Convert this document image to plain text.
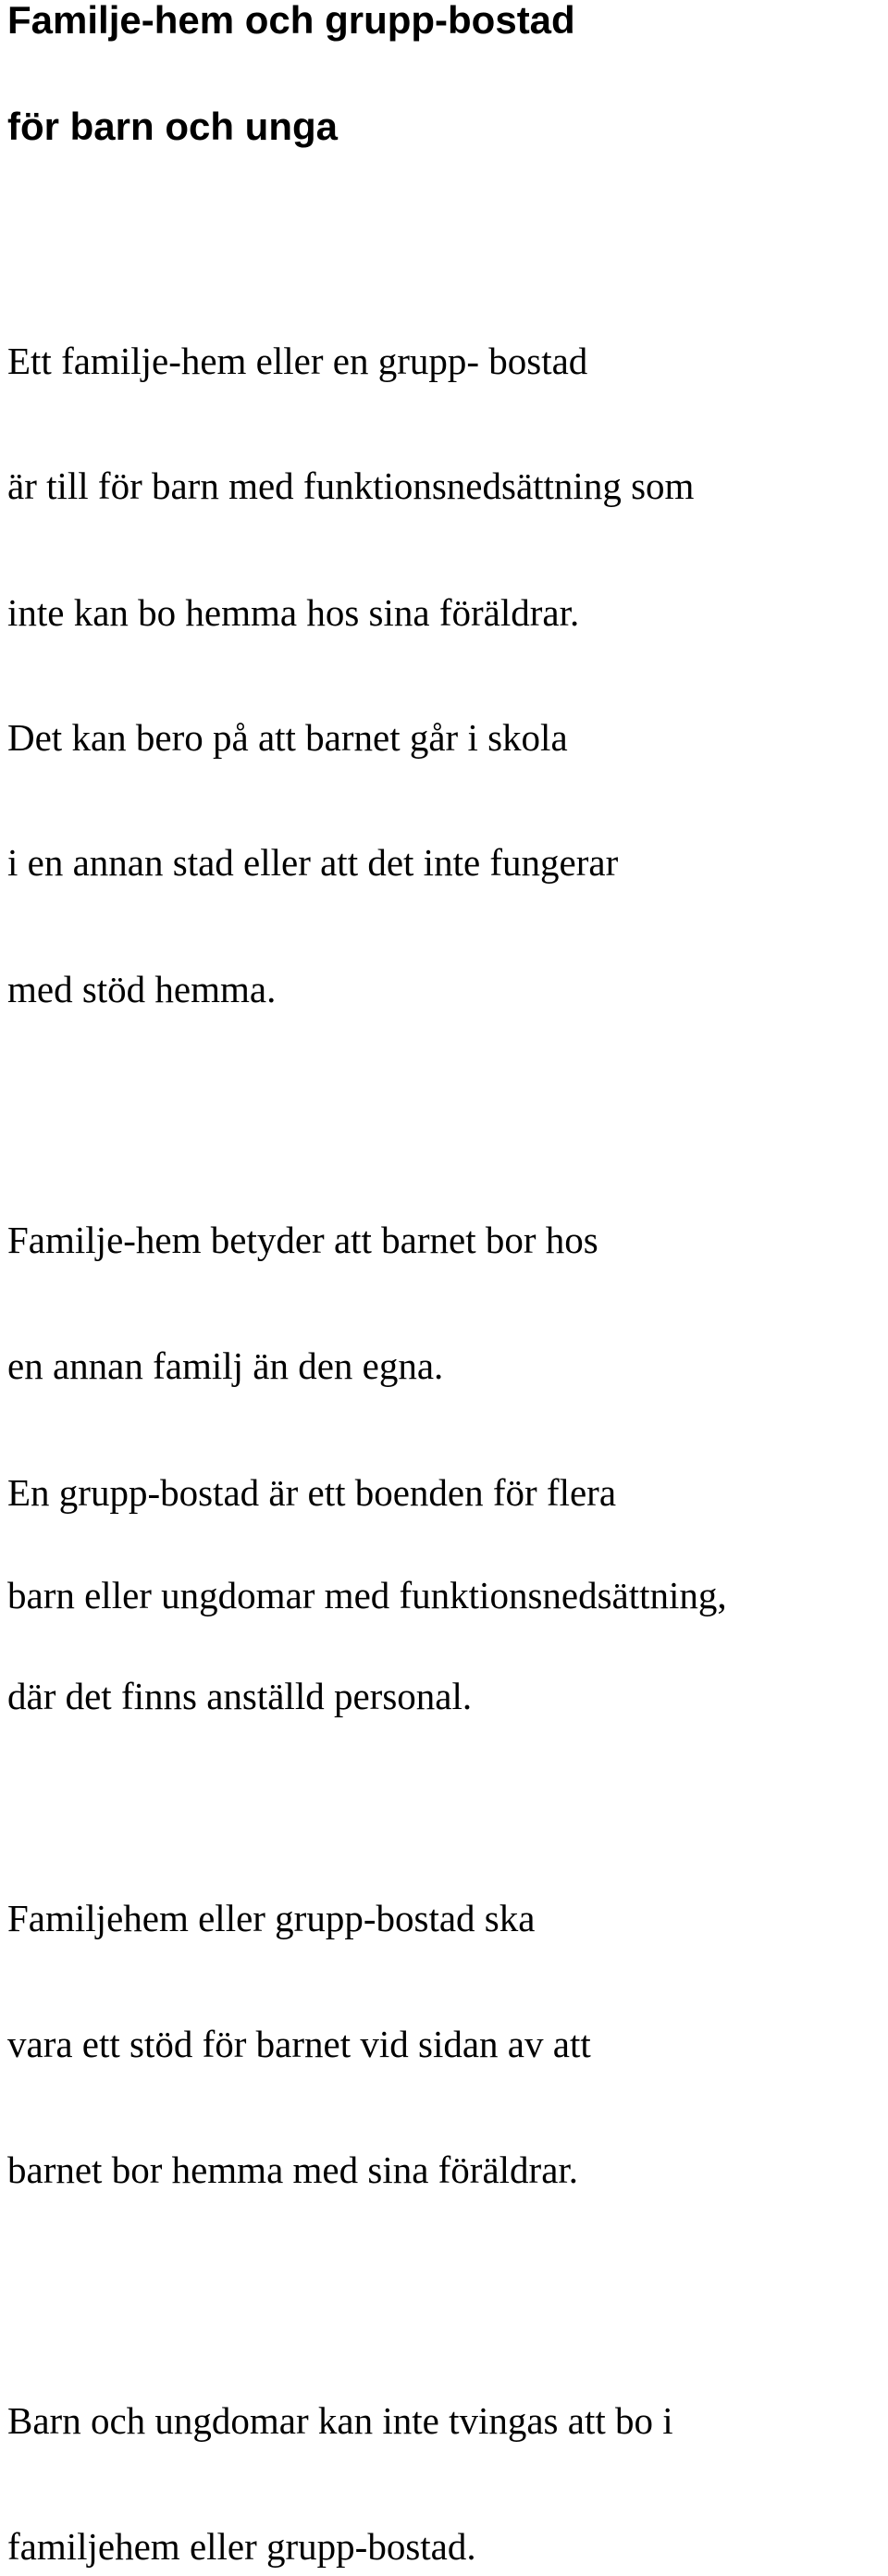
Familje-hem och grupp-bostad
för barn och unga
Ett familje-hem eller en grupp- bostad
är till för barn med funktionsnedsättning som
inte kan bo hemma hos sina föräldrar.
Det kan bero på att barnet går i skola
i en annan stad eller att det inte fungerar
med stöd hemma.
Familje-hem betyder att barnet bor hos
en annan familj än den egna.
En grupp-bostad är ett boenden för flera
barn eller ungdomar med funktionsnedsättning,
där det finns anställd personal.
Familjehem eller grupp-bostad ska
vara ett stöd för barnet vid sidan av att
barnet bor hemma med sina föräldrar.
Barn och ungdomar kan inte tvingas att bo i
familjehem eller grupp-bostad.
